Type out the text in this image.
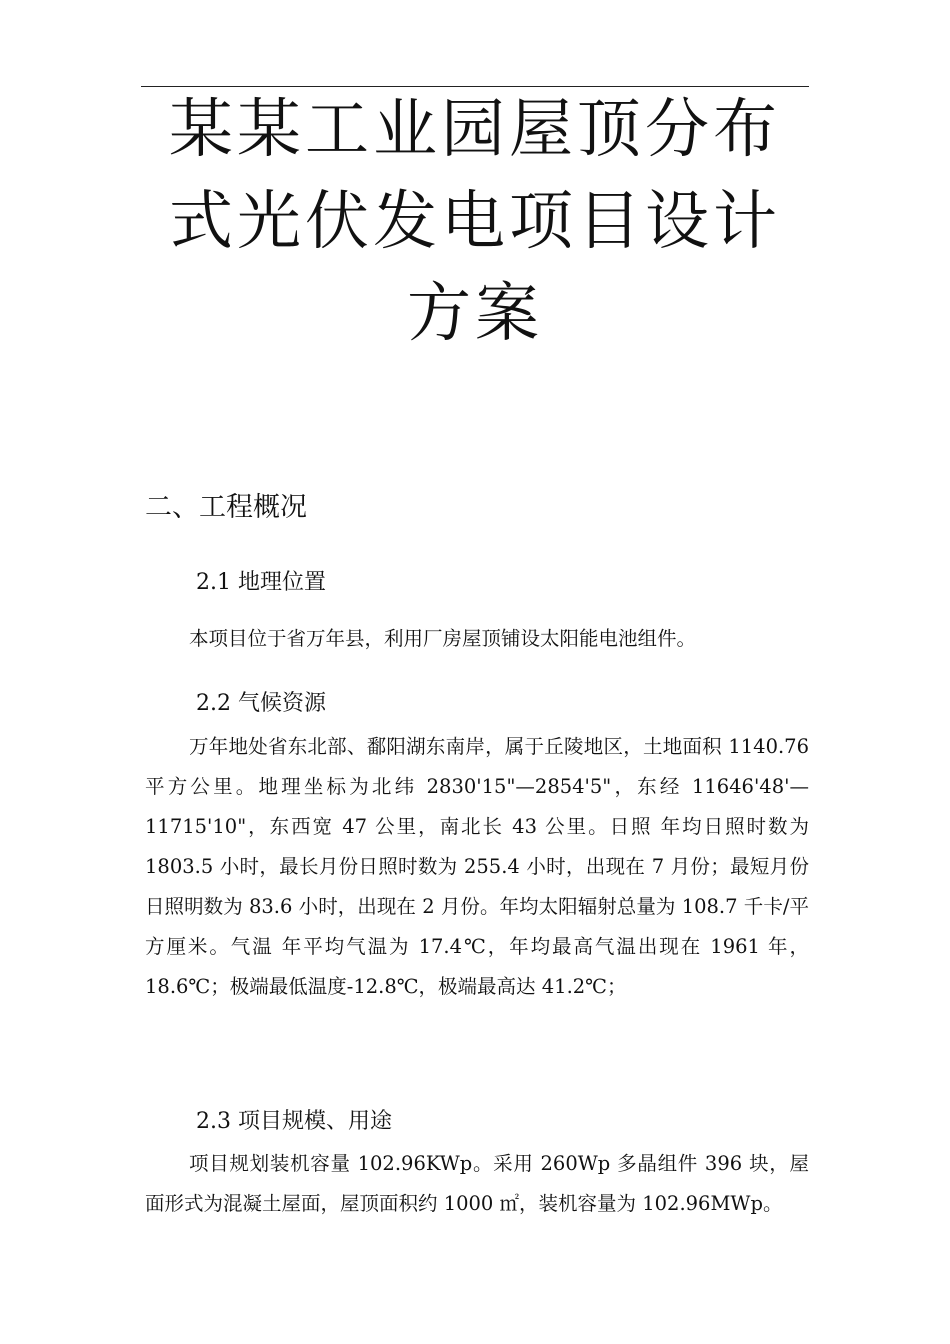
某某工业园屋顶分布
式光伏发电项目设计
方案
二、工程概况
2.1 地理位置

本项目位于省万年县，利用厂房屋顶铺设太阳能电池组件。

2.2 气候资源

万年地处省东北部、鄱阳湖东南岸，属于丘陵地区，土地面积 1140.76 平方公里。地理坐标为北纬 2830'15"—2854'5"，东经 11646'48'—11715'10"，东西宽 47 公里，南北长 43 公里。日照 年均日照时数为 1803.5 小时，最长月份日照时数为 255.4 小时，出现在 7 月份；最短月份日照明数为 83.6 小时，出现在 2 月份。年均太阳辐射总量为 108.7 千卡/平方厘米。气温 年平均气温为 17.4℃，年均最高气温出现在 1961 年，18.6℃；极端最低温度-12.8℃，极端最高达 41.2℃；

2.3 项目规模、用途

项目规划装机容量 102.96KWp。采用 260Wp 多晶组件 396 块，屋面形式为混凝土屋面，屋顶面积约 1000 ㎡，装机容量为 102.96MWp。
